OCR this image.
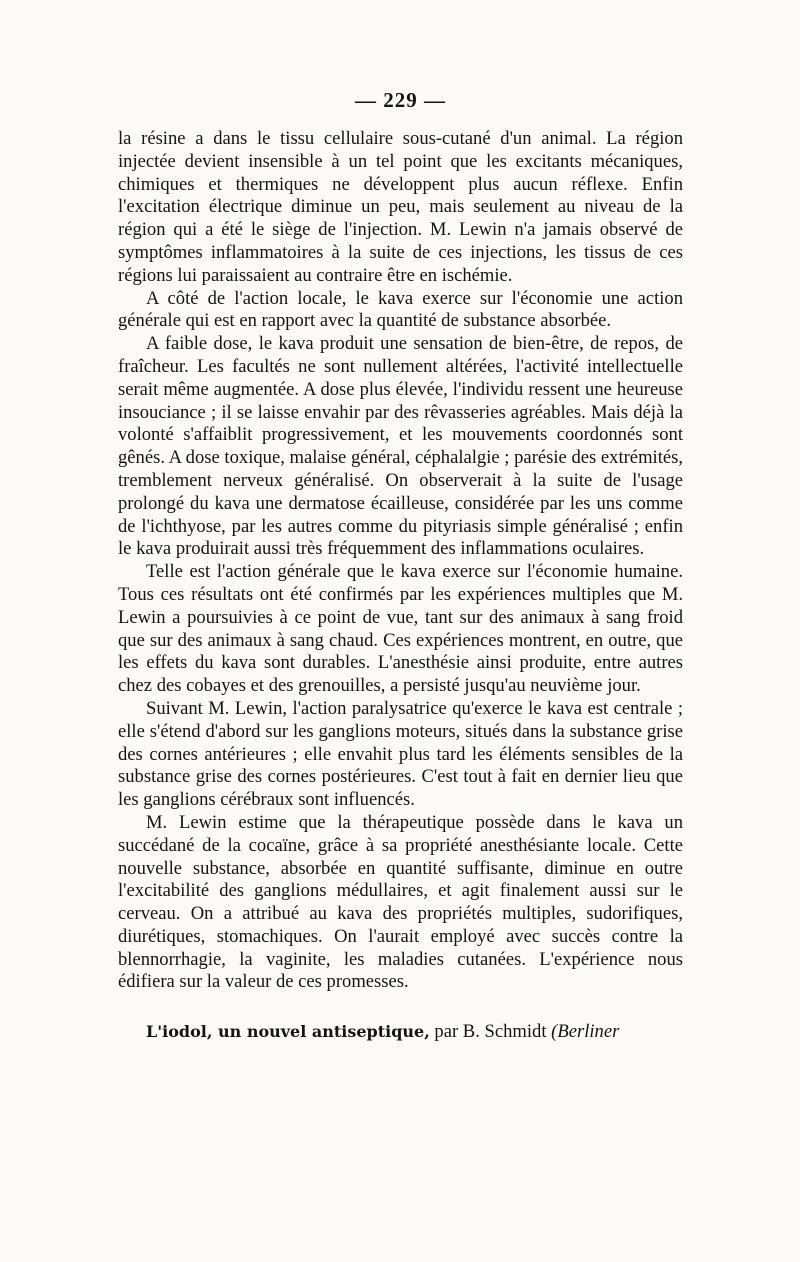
— 229 —

la résine a dans le tissu cellulaire sous-cutané d'un animal. La région injectée devient insensible à un tel point que les excitants mécaniques, chimiques et thermiques ne développent plus aucun réflexe. Enfin l'excitation électrique diminue un peu, mais seulement au niveau de la région qui a été le siège de l'injection. M. Lewin n'a jamais observé de symptômes inflammatoires à la suite de ces injections, les tissus de ces régions lui paraissaient au contraire être en ischémie.

A côté de l'action locale, le kava exerce sur l'économie une action générale qui est en rapport avec la quantité de substance absorbée.

A faible dose, le kava produit une sensation de bien-être, de repos, de fraîcheur. Les facultés ne sont nullement altérées, l'activité intellectuelle serait même augmentée. A dose plus élevée, l'individu ressent une heureuse insouciance ; il se laisse envahir par des rêvasseries agréables. Mais déjà la volonté s'affaiblit progressivement, et les mouvements coordonnés sont gênés. A dose toxique, malaise général, céphalalgie ; parésie des extrémités, tremblement nerveux généralisé. On observerait à la suite de l'usage prolongé du kava une dermatose écailleuse, considérée par les uns comme de l'ichthyose, par les autres comme du pityriasis simple généralisé ; enfin le kava produirait aussi très fréquemment des inflammations oculaires.

Telle est l'action générale que le kava exerce sur l'économie humaine. Tous ces résultats ont été confirmés par les expériences multiples que M. Lewin a poursuivies à ce point de vue, tant sur des animaux à sang froid que sur des animaux à sang chaud. Ces expériences montrent, en outre, que les effets du kava sont durables. L'anesthésie ainsi produite, entre autres chez des cobayes et des grenouilles, a persisté jusqu'au neuvième jour.

Suivant M. Lewin, l'action paralysatrice qu'exerce le kava est centrale ; elle s'étend d'abord sur les ganglions moteurs, situés dans la substance grise des cornes antérieures ; elle envahit plus tard les éléments sensibles de la substance grise des cornes postérieures. C'est tout à fait en dernier lieu que les ganglions cérébraux sont influencés.

M. Lewin estime que la thérapeutique possède dans le kava un succédané de la cocaïne, grâce à sa propriété anesthésiante locale. Cette nouvelle substance, absorbée en quantité suffisante, diminue en outre l'excitabilité des ganglions médullaires, et agit finalement aussi sur le cerveau. On a attribué au kava des propriétés multiples, sudorifiques, diurétiques, stomachiques. On l'aurait employé avec succès contre la blennorrhagie, la vaginite, les maladies cutanées. L'expérience nous édifiera sur la valeur de ces promesses.

L'iodol, un nouvel antiseptique, par B. Schmidt (Berliner
